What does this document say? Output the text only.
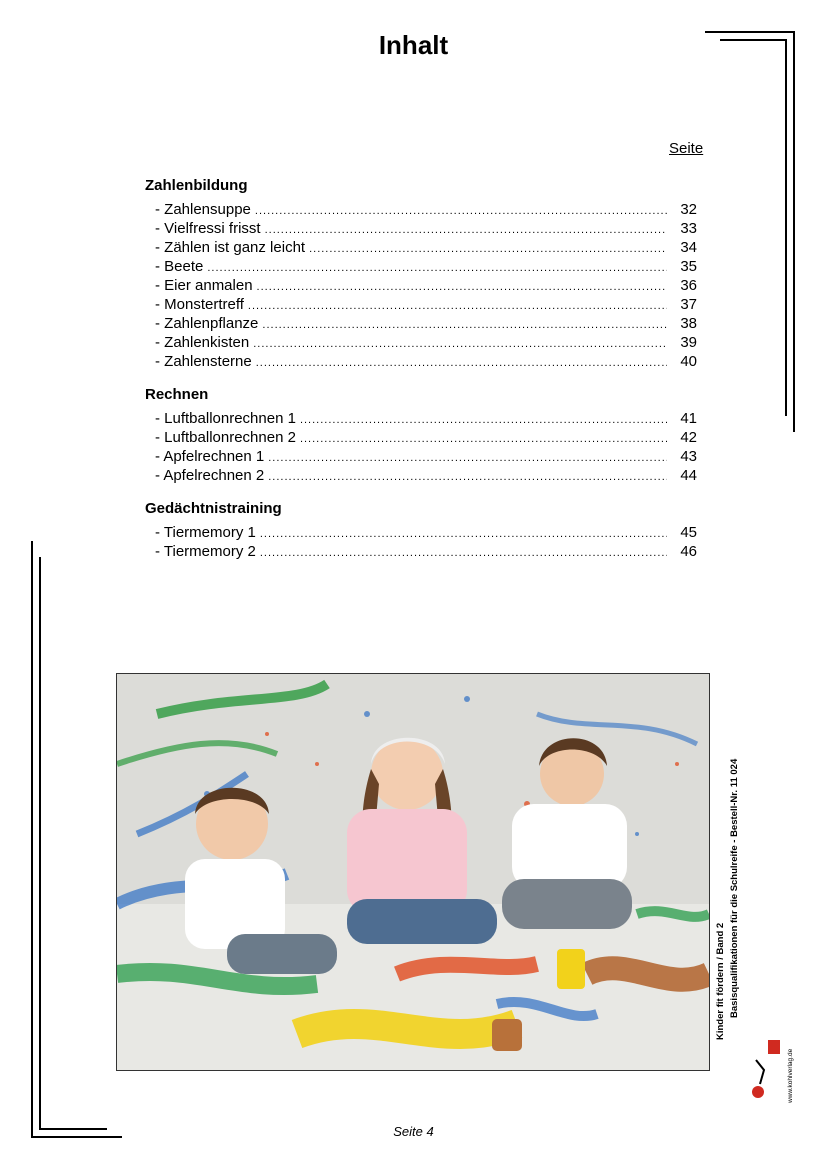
Inhalt
Seite
Zahlenbildung
- Zahlensuppe .....	32
- Vielfressi frisst .....	33
- Zählen ist ganz leicht .....	34
- Beete .....	35
- Eier anmalen .....	36
- Monstertreff .....	37
- Zahlenpflanze .....	38
- Zahlenkisten .....	39
- Zahlensterne .....	40
Rechnen
- Luftballonrechnen 1 .....	41
- Luftballonrechnen 2 .....	42
- Apfelrechnen 1 .....	43
- Apfelrechnen 2 .....	44
Gedächtnistraining
- Tiermemory 1 .....	45
- Tiermemory 2 .....	46
Kinder fit fördern / Band 2 Basisqualifikationen für die Schulreife - Bestell-Nr. 11 024
www.kohlverlag.de
Seite 4
